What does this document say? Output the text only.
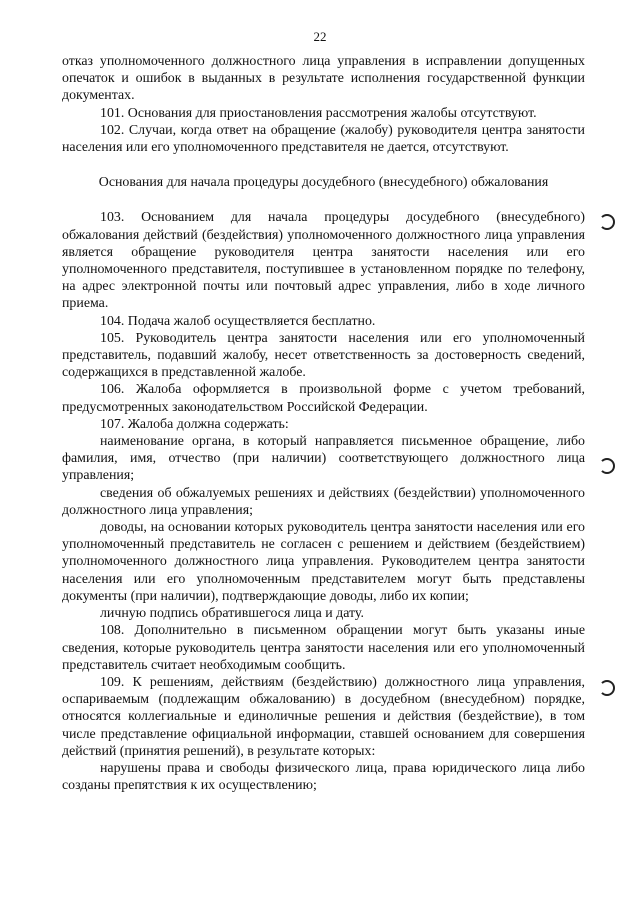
22

отказ уполномоченного должностного лица управления в исправлении допущенных опечаток и ошибок в выданных в результате исполнения государственной функции документах.

101. Основания для приостановления рассмотрения жалобы отсутствуют.

102. Случаи, когда ответ на обращение (жалобу) руководителя центра занятости населения или его уполномоченного представителя не дается, отсутствуют.

Основания для начала процедуры досудебного (внесудебного) обжалования

103. Основанием для начала процедуры досудебного (внесудебного) обжалования действий (бездействия) уполномоченного должностного лица управления является обращение руководителя центра занятости населения или его уполномоченного представителя, поступившее в установленном порядке по телефону, на адрес электронной почты или почтовый адрес управления, либо в ходе личного приема.

104. Подача жалоб осуществляется бесплатно.

105. Руководитель центра занятости населения или его уполномоченный представитель, подавший жалобу, несет ответственность за достоверность сведений, содержащихся в представленной жалобе.

106. Жалоба оформляется в произвольной форме с учетом требований, предусмотренных законодательством Российской Федерации.

107. Жалоба должна содержать:

наименование органа, в который направляется письменное обращение, либо фамилия, имя, отчество (при наличии) соответствующего должностного лица управления;

сведения об обжалуемых решениях и действиях (бездействии) уполномоченного должностного лица управления;

доводы, на основании которых руководитель центра занятости населения или его уполномоченный представитель не согласен с решением и действием (бездействием) уполномоченного должностного лица управления. Руководителем центра занятости населения или его уполномоченным представителем могут быть представлены документы (при наличии), подтверждающие доводы, либо их копии;

личную подпись обратившегося лица и дату.

108. Дополнительно в письменном обращении могут быть указаны иные сведения, которые руководитель центра занятости населения или его уполномоченный представитель считает необходимым сообщить.

109. К решениям, действиям (бездействию) должностного лица управления, оспариваемым (подлежащим обжалованию) в досудебном (внесудебном) порядке, относятся коллегиальные и единоличные решения и действия (бездействие), в том числе представление официальной информации, ставшей основанием для совершения действий (принятия решений), в результате которых:

нарушены права и свободы физического лица, права юридического лица либо созданы препятствия к их осуществлению;
